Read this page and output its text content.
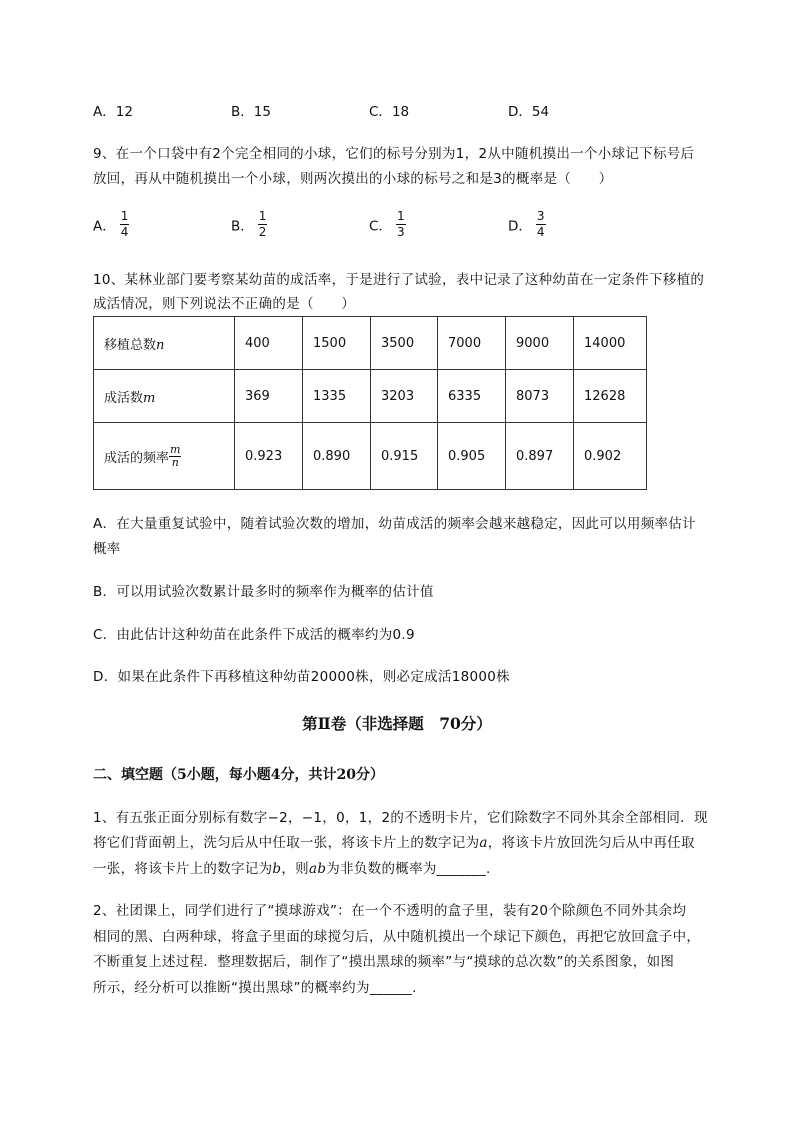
A．12	B．15	C．18	D．54
9、在一个口袋中有2个完全相同的小球，它们的标号分别为1，2从中随机摸出一个小球记下标号后
放回，再从中随机摸出一个小球，则两次摸出的小球的标号之和是3的概率是（　　）
A． $\frac{1}{4}$	B． $\frac{1}{2}$	C． $\frac{1}{3}$	D． $\frac{3}{4}$
10、某林业部门要考察某幼苗的成活率，于是进行了试验，表中记录了这种幼苗在一定条件下移植的
成活情况，则下列说法不正确的是（　　）
移植总数n	400	1500	3500	7000	9000	14000
成活数m	369	1335	3203	6335	8073	12628
成活的频率 $\frac{m}{n}$	0.923	0.890	0.915	0.905	0.897	0.902
A．在大量重复试验中，随着试验次数的增加，幼苗成活的频率会越来越稳定，因此可以用频率估计
概率
B．可以用试验次数累计最多时的频率作为概率的估计值
C．由此估计这种幼苗在此条件下成活的概率约为0.9
D．如果在此条件下再移植这种幼苗20000株，则必定成活18000株
第Ⅱ卷（非选择题　70分）
二、填空题（5小题，每小题4分，共计20分）
1、有五张正面分别标有数字−2，−1，0，1，2的不透明卡片，它们除数字不同外其余全部相同．现
将它们背面朝上，洗匀后从中任取一张，将该卡片上的数字记为a，将该卡片放回洗匀后从中再任取
一张，将该卡片上的数字记为b，则ab为非负数的概率为_______.
2、社团课上，同学们进行了“摸球游戏”：在一个不透明的盒子里，装有20个除颜色不同外其余均
相同的黑、白两种球，将盒子里面的球搅匀后，从中随机摸出一个球记下颜色，再把它放回盒子中，
不断重复上述过程．整理数据后，制作了“摸出黑球的频率”与“摸球的总次数”的关系图象，如图
所示，经分析可以推断“摸出黑球”的概率约为______.
